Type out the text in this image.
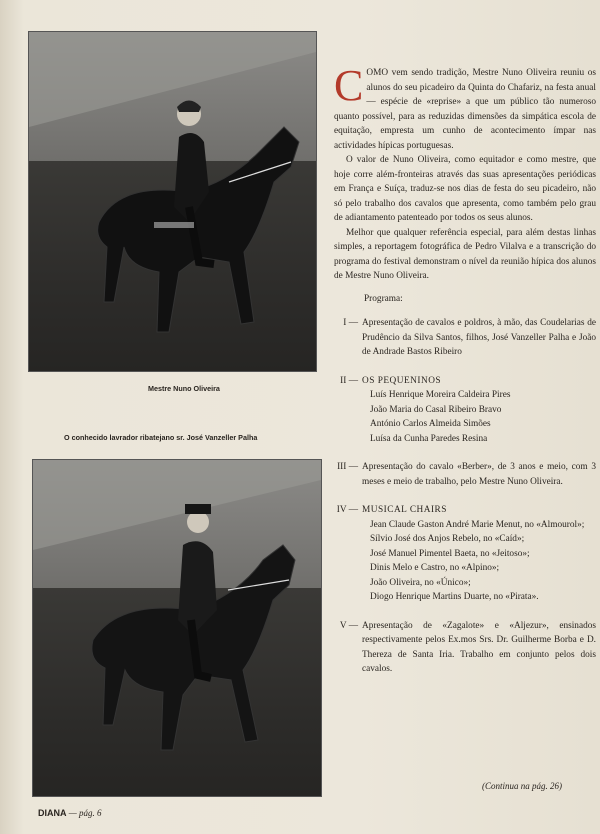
Mestre Nuno Oliveira
O conhecido lavrador ribatejano sr. José Vanzeller Palha

COMO vem sendo tradição, Mestre Nuno Oliveira reuniu os alunos do seu picadeiro da Quinta do Chafariz, na festa anual — espécie de «reprise» a que um público tão numeroso quanto possível, para as reduzidas dimensões da simpática escola de equitação, empresta um cunho de acontecimento ímpar nas actividades hípicas portuguesas.

O valor de Nuno Oliveira, como equitador e como mestre, que hoje corre além-fronteiras através das suas apresentações periódicas em França e Suíça, traduz-se nos dias de festa do seu picadeiro, não só pelo trabalho dos cavalos que apresenta, como também pelo grau de adiantamento patenteado por todos os seus alunos.

Melhor que qualquer referência especial, para além destas linhas simples, a reportagem fotográfica de Pedro Vilalva e a transcrição do programa do festival demonstram o nível da reunião hípica dos alunos de Mestre Nuno Oliveira.

Programa:

I — Apresentação de cavalos e poldros, à mão, das Coudelarias de Prudêncio da Silva Santos, filhos, José Vanzeller Palha e João de Andrade Bastos Ribeiro
II — OS PEQUENINOS
Luís Henrique Moreira Caldeira Pires
João Maria do Casal Ribeiro Bravo
António Carlos Almeida Simões
Luísa da Cunha Paredes Resina
III — Apresentação do cavalo «Berber», de 3 anos e meio, com 3 meses e meio de trabalho, pelo Mestre Nuno Oliveira.
IV — MUSICAL CHAIRS
Jean Claude Gaston André Marie Menut, no «Almourol»;
Sílvio José dos Anjos Rebelo, no «Caíd»;
José Manuel Pimentel Baeta, no «Jeitoso»;
Dinis Melo e Castro, no «Alpino»;
João Oliveira, no «Único»;
Diogo Henrique Martins Duarte, no «Pirata».
V — Apresentação de «Zagalote» e «Aljezur», ensinados respectivamente pelos Ex.mos Srs. Dr. Guilherme Borba e D. Thereza de Santa Iria. Trabalho em conjunto pelos dois cavalos.
(Continua na pág. 26)
DIANA — pág. 6
